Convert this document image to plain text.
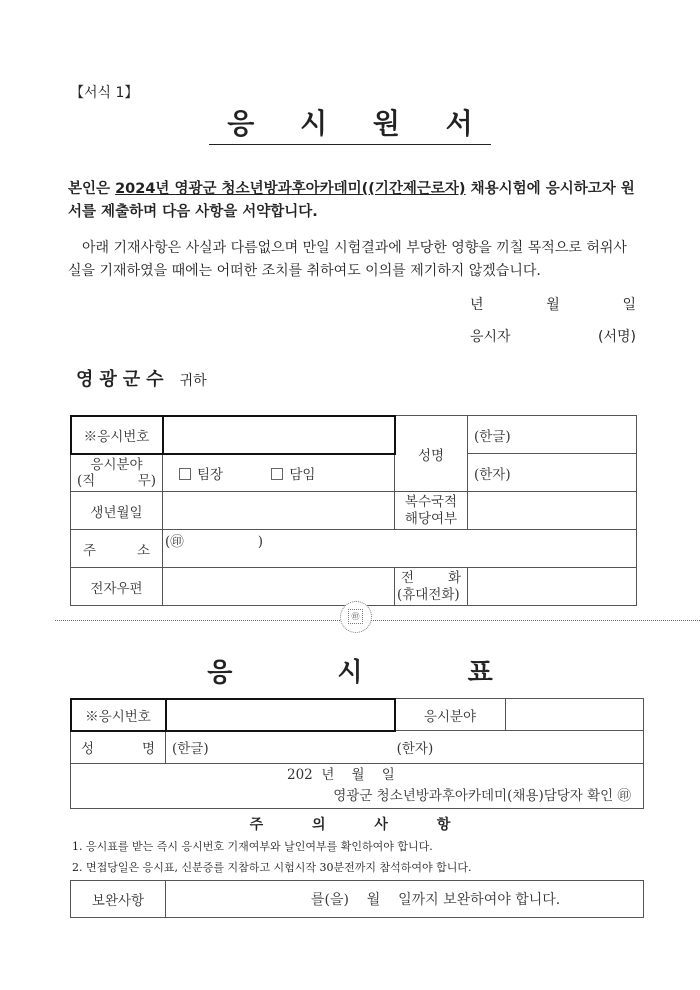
【서식 1】
응 시 원 서
본인은 2024년 영광군 청소년방과후아카데미((기간제근로자) 채용시험에 응시하고자 원서를 제출하며 다음 사항을 서약합니다.
아래 기재사항은 사실과 다름없으며 만일 시험결과에 부당한 영향을 끼칠 목적으로 허위사실을 기재하였을 때에는 어떠한 조치를 취하여도 이의를 제기하지 않겠습니다.
년	월	일
응시자	(서명)
영광군수 귀하
※응시번호		성명	(한글)

응시분야
(직 무)	팀장 담임		(한자)
생년월일		복수국적
해당여부	

주 소	(㊞ )		
전자우편		전 화
(휴대전화)	

㊞
응 시 표
※응시번호		응시분야	

성 명	(한글) (한자)		

202  년    월    일
영광군 청소년방과후아카데미(채용)담당자 확인 ㊞			
주 의 사 항
1. 응시표를 받는 즉시 응시번호 기재여부와 날인여부를 확인하여야 합니다.
2. 면접당일은 응시표, 신분증를 지참하고 시험시작 30분전까지 참석하여야 합니다.
보완사항	를(을)    월    일까지 보완하여야 합니다.
